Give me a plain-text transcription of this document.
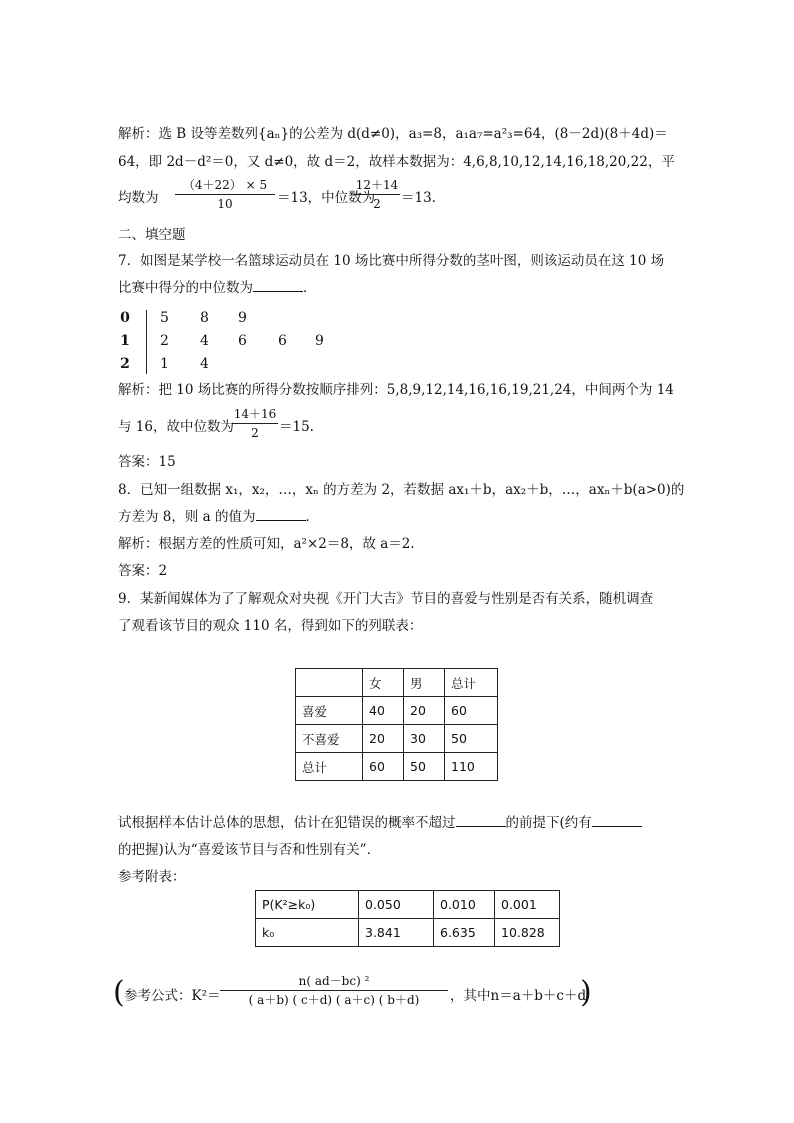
解析：选 B 设等差数列{aₙ}的公差为 d(d≠0)，a₃=8，a₁a₇=a²₃=64，(8－2d)(8＋4d)＝
64，即 2d－d²＝0，又 d≠0，故 d＝2，故样本数据为：4,6,8,10,12,14,16,18,20,22，平
均数为
（4＋22） × 5
10	＝13，中位数为
12＋14
2	＝13.
二、填空题
7．如图是某学校一名篮球运动员在 10 场比赛中所得分数的茎叶图，则该运动员在这 10 场
比赛中得分的中位数为	．
0 5 8 9
1 2 4 6 6 9
2 1 4
解析：把 10 场比赛的所得分数按顺序排列：5,8,9,12,14,16,16,19,21,24，中间两个为 14
与 16，故中位数为
14＋16
2	＝15.
答案：15
8．已知一组数据 x₁，x₂，…，xₙ 的方差为 2，若数据 ax₁＋b，ax₂＋b，…，axₙ＋b(a>0)的
方差为 8，则 a 的值为	．
解析：根据方差的性质可知，a²×2＝8，故 a＝2.
答案：2
9．某新闻媒体为了了解观众对央视《开门大吉》节目的喜爱与性别是否有关系，随机调查
了观看该节目的观众 110 名，得到如下的列联表：
	女	男	总计
喜爱	40	20	60
不喜爱	20	30	50
总计	60	50	110
试根据样本估计总体的思想，估计在犯错误的概率不超过	的前提下(约有
的把握)认为“喜爱该节目与否和性别有关”．
参考附表：
P(K²≥k₀)	0.050	0.010	0.001
k₀	3.841	6.635	10.828
( 参考公式：K²＝
n( ad－bc) ²
( a＋b) ( c＋d) ( a＋c) ( b＋d)	，其中n＝a＋b＋c＋d
)
